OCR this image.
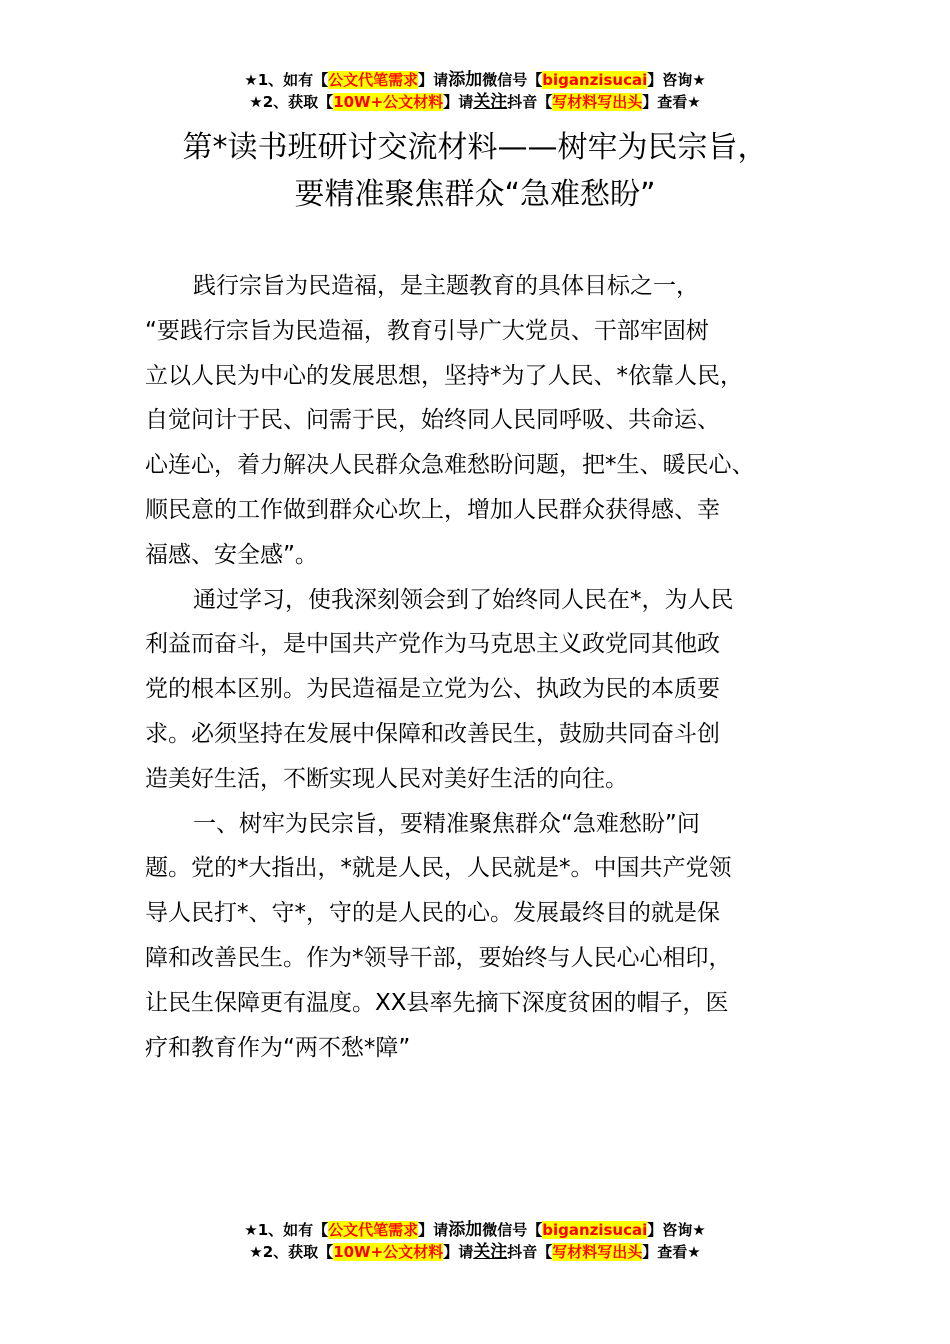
★1、如有【公文代笔需求】请添加微信号【biganzisucai】咨询★
★2、获取【10W+公文材料】请关注抖音【写材料写出头】查看★
第*读书班研讨交流材料——树牢为民宗旨，
要精准聚焦群众“急难愁盼”
践行宗旨为民造福，是主题教育的具体目标之一，
“要践行宗旨为民造福，教育引导广大党员、干部牢固树
立以人民为中心的发展思想，坚持*为了人民、*依靠人民，
自觉问计于民、问需于民，始终同人民同呼吸、共命运、
心连心，着力解决人民群众急难愁盼问题，把*生、暖民心、
顺民意的工作做到群众心坎上，增加人民群众获得感、幸
福感、安全感”。
通过学习，使我深刻领会到了始终同人民在*，为人民
利益而奋斗，是中国共产党作为马克思主义政党同其他政
党的根本区别。为民造福是立党为公、执政为民的本质要
求。必须坚持在发展中保障和改善民生，鼓励共同奋斗创
造美好生活，不断实现人民对美好生活的向往。
一、树牢为民宗旨，要精准聚焦群众“急难愁盼”问
题。党的*大指出，*就是人民，人民就是*。中国共产党领
导人民打*、守*，守的是人民的心。发展最终目的就是保
障和改善民生。作为*领导干部，要始终与人民心心相印，
让民生保障更有温度。XX县率先摘下深度贫困的帽子，医
疗和教育作为“两不愁*障”
★1、如有【公文代笔需求】请添加微信号【biganzisucai】咨询★
★2、获取【10W+公文材料】请关注抖音【写材料写出头】查看★
